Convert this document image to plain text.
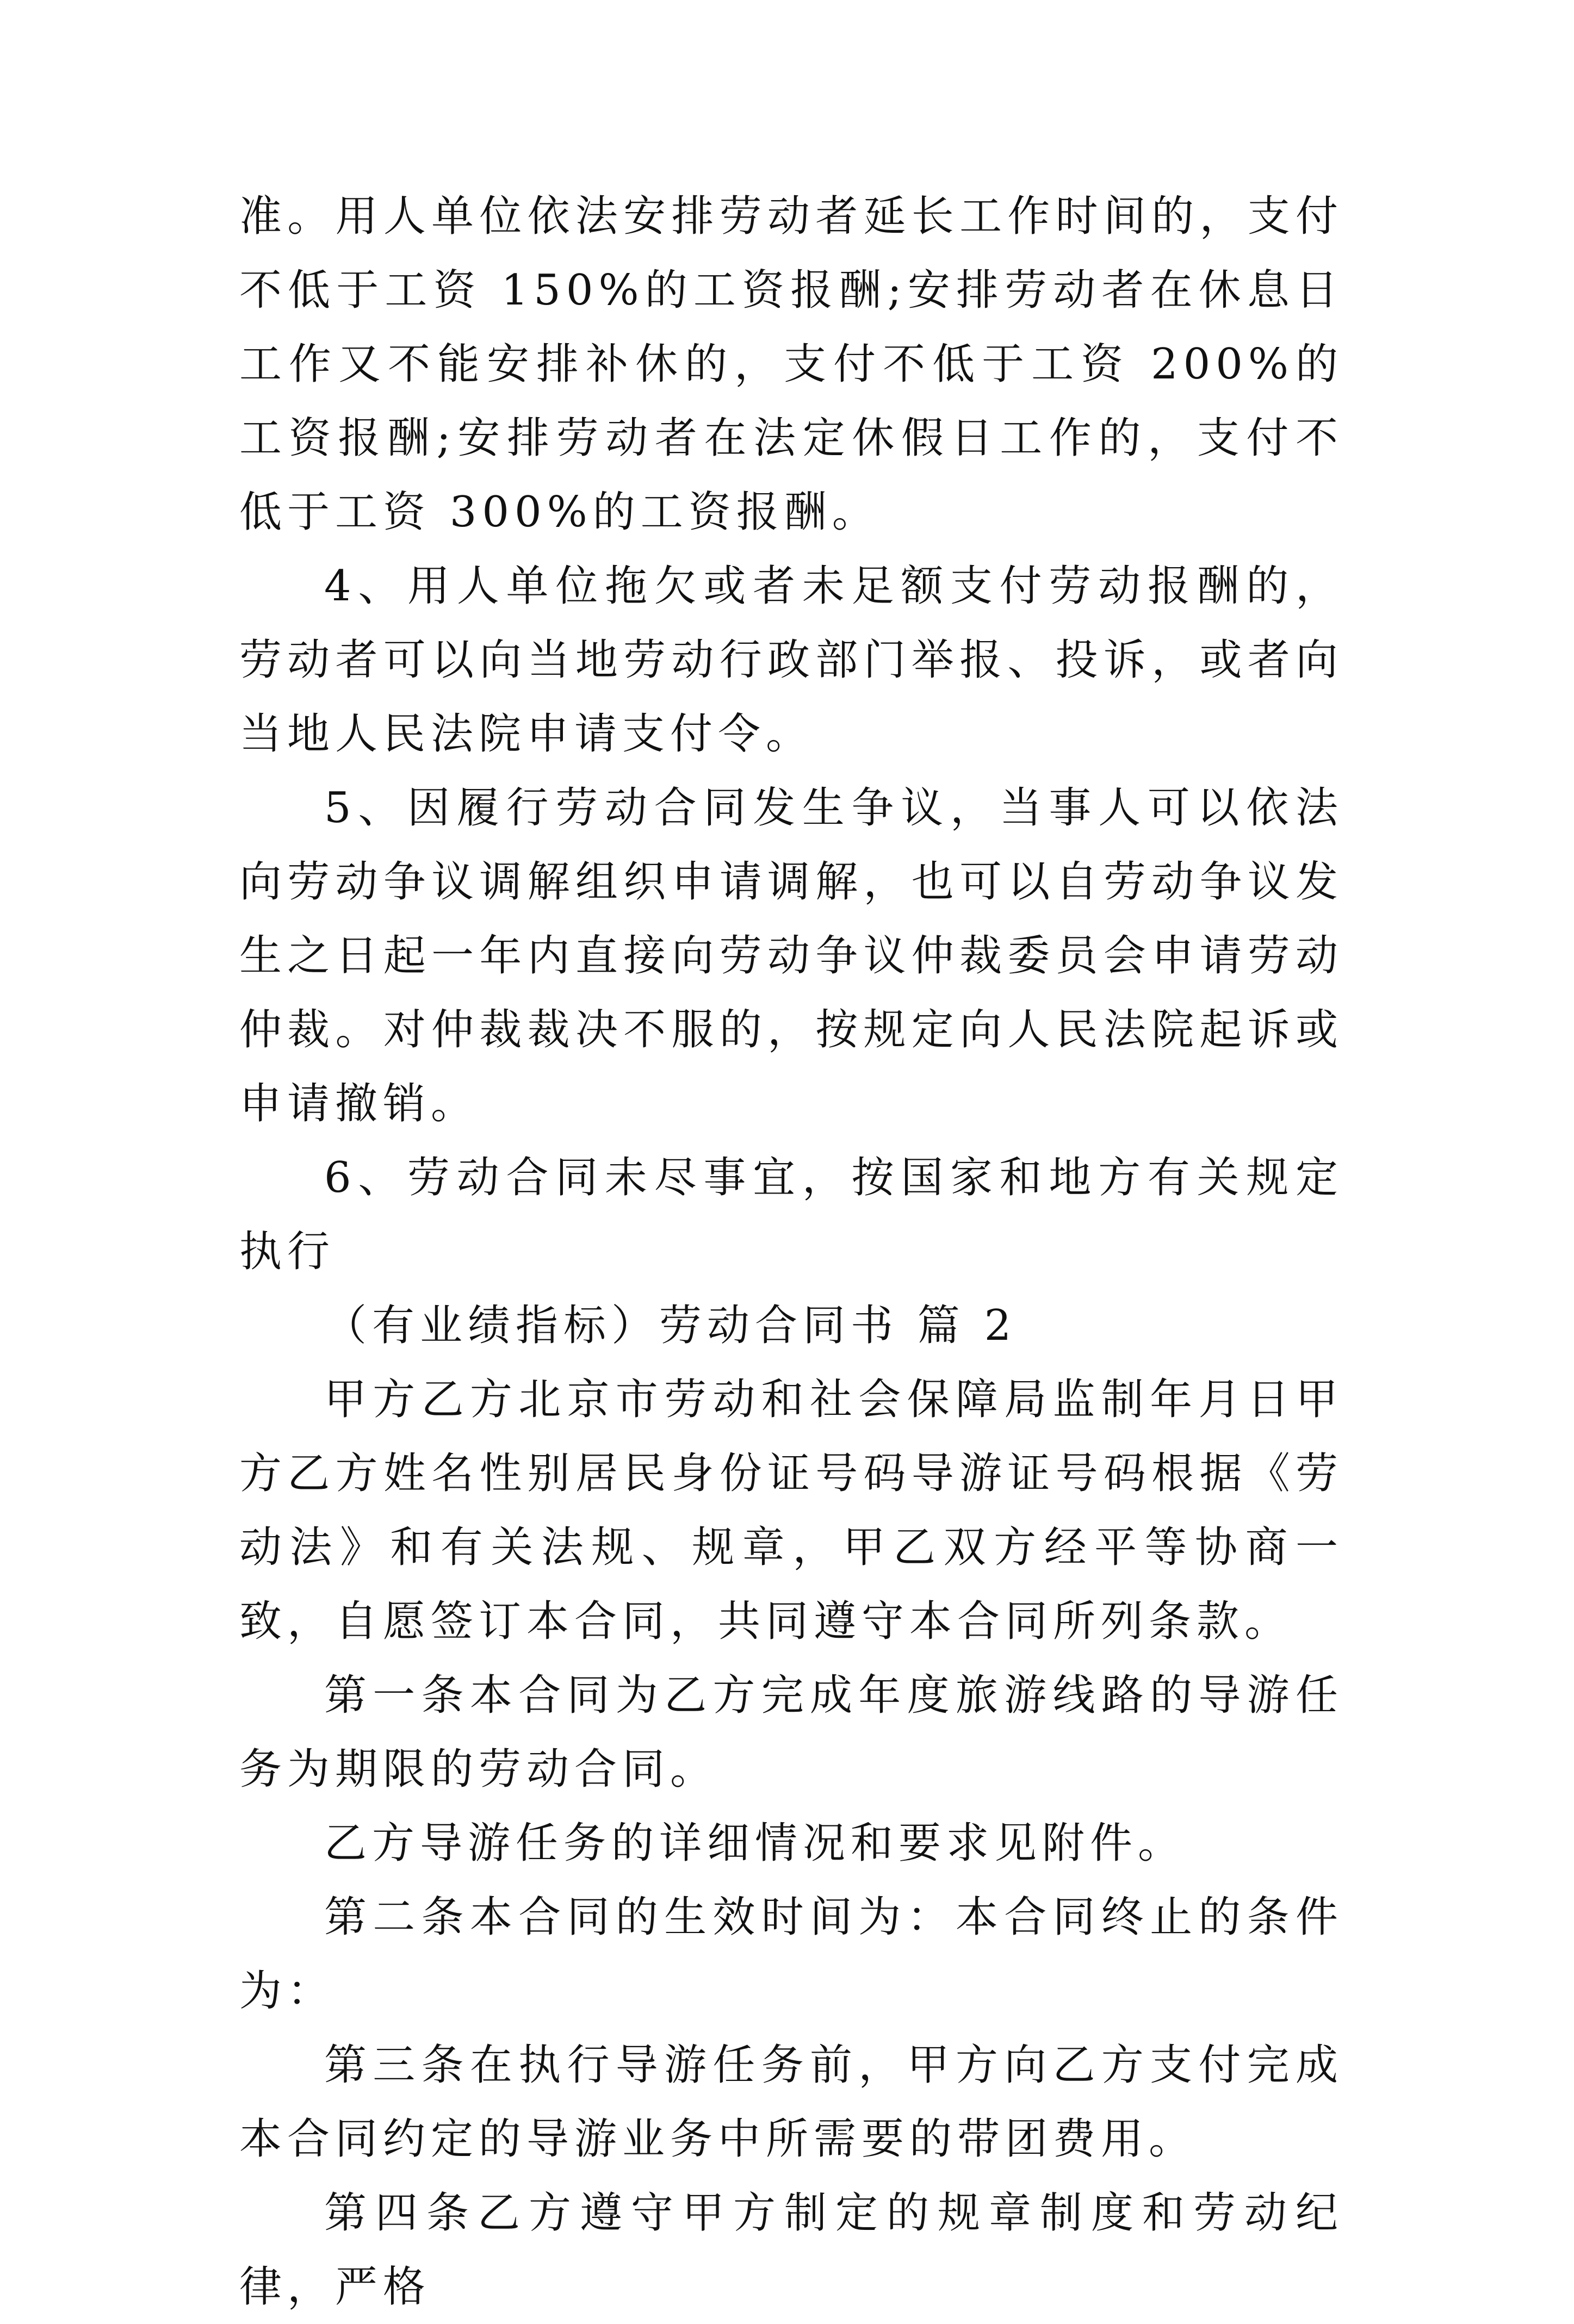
准。用人单位依法安排劳动者延长工作时间的，支付不低于工资 150%的工资报酬;安排劳动者在休息日工作又不能安排补休的，支付不低于工资 200%的工资报酬;安排劳动者在法定休假日工作的，支付不低于工资 300%的工资报酬。

4、用人单位拖欠或者未足额支付劳动报酬的，劳动者可以向当地劳动行政部门举报、投诉，或者向当地人民法院申请支付令。

5、因履行劳动合同发生争议，当事人可以依法向劳动争议调解组织申请调解，也可以自劳动争议发生之日起一年内直接向劳动争议仲裁委员会申请劳动仲裁。对仲裁裁决不服的，按规定向人民法院起诉或申请撤销。

6、劳动合同未尽事宜，按国家和地方有关规定执行

（有业绩指标）劳动合同书 篇 2

甲方乙方北京市劳动和社会保障局监制年月日甲方乙方姓名性别居民身份证号码导游证号码根据《劳动法》和有关法规、规章，甲乙双方经平等协商一致，自愿签订本合同，共同遵守本合同所列条款。

第一条本合同为乙方完成年度旅游线路的导游任务为期限的劳动合同。

乙方导游任务的详细情况和要求见附件。

第二条本合同的生效时间为：本合同终止的条件为：

第三条在执行导游任务前，甲方向乙方支付完成本合同约定的导游业务中所需要的带团费用。

第四条乙方遵守甲方制定的规章制度和劳动纪律，严格
